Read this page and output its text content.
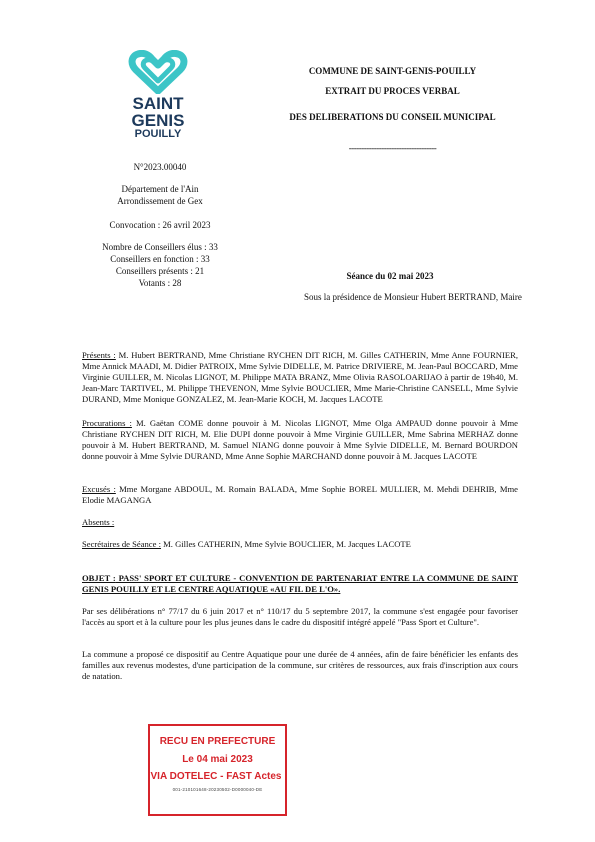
SAINT
GENIS
POUILLY
COMMUNE DE SAINT-GENIS-POUILLY
EXTRAIT DU PROCES VERBAL
DES DELIBERATIONS DU CONSEIL MUNICIPAL
-----------------------------------
N°2023.00040
Département de l'Ain
Arrondissement de Gex
Convocation : 26 avril 2023
Nombre de Conseillers élus : 33
Conseillers en fonction : 33
Conseillers présents : 21
Votants : 28
Séance du 02 mai 2023
Sous la présidence de Monsieur Hubert BERTRAND, Maire
Présents : M. Hubert BERTRAND, Mme Christiane RYCHEN DIT RICH, M. Gilles CATHERIN, Mme Anne FOURNIER, Mme Annick MAADI, M. Didier PATROIX, Mme Sylvie DIDELLE, M. Patrice DRIVIERE, M. Jean-Paul BOCCARD, Mme Virginie GUILLER, M. Nicolas LIGNOT, M. Philippe MATA BRANZ, Mme Olivia RASOLOARIJAO à partir de 19h40, M. Jean-Marc TARTIVEL, M. Philippe THEVENON, Mme Sylvie BOUCLIER, Mme Marie-Christine CANSELL, Mme Sylvie DURAND, Mme Monique GONZALEZ, M. Jean-Marie KOCH, M. Jacques LACOTE
Procurations : M. Gaëtan COME donne pouvoir à M. Nicolas LIGNOT, Mme Olga AMPAUD donne pouvoir à Mme Christiane RYCHEN DIT RICH, M. Elie DUPI donne pouvoir à Mme Virginie GUILLER, Mme Sabrina MERHAZ donne pouvoir à M. Hubert BERTRAND, M. Samuel NIANG donne pouvoir à Mme Sylvie DIDELLE, M. Bernard BOURDON donne pouvoir à Mme Sylvie DURAND, Mme Anne Sophie MARCHAND donne pouvoir à M. Jacques LACOTE
Excusés : Mme Morgane ABDOUL, M. Romain BALADA, Mme Sophie BOREL MULLIER, M. Mehdi DEHRIB, Mme Elodie MAGANGA
Absents :
Secrétaires de Séance : M. Gilles CATHERIN, Mme Sylvie BOUCLIER, M. Jacques LACOTE
OBJET : PASS' SPORT ET CULTURE - CONVENTION DE PARTENARIAT ENTRE LA COMMUNE DE SAINT GENIS POUILLY ET LE CENTRE AQUATIQUE «AU FIL DE L'O».
Par ses délibérations n° 77/17 du 6 juin 2017 et n° 110/17 du 5 septembre 2017, la commune s'est engagée pour favoriser l'accès au sport et à la culture pour les plus jeunes dans le cadre du dispositif intégré appelé "Pass Sport et Culture".
La commune a proposé ce dispositif au Centre Aquatique pour une durée de 4 années, afin de faire bénéficier les enfants des familles aux revenus modestes, d'une participation de la commune, sur critères de ressources, aux frais d'inscription aux cours de natation.
RECU EN PREFECTURE
Le 04 mai 2023
VIA DOTELEC - FAST Actes
001-210101648-20230502-D0000040-DE
